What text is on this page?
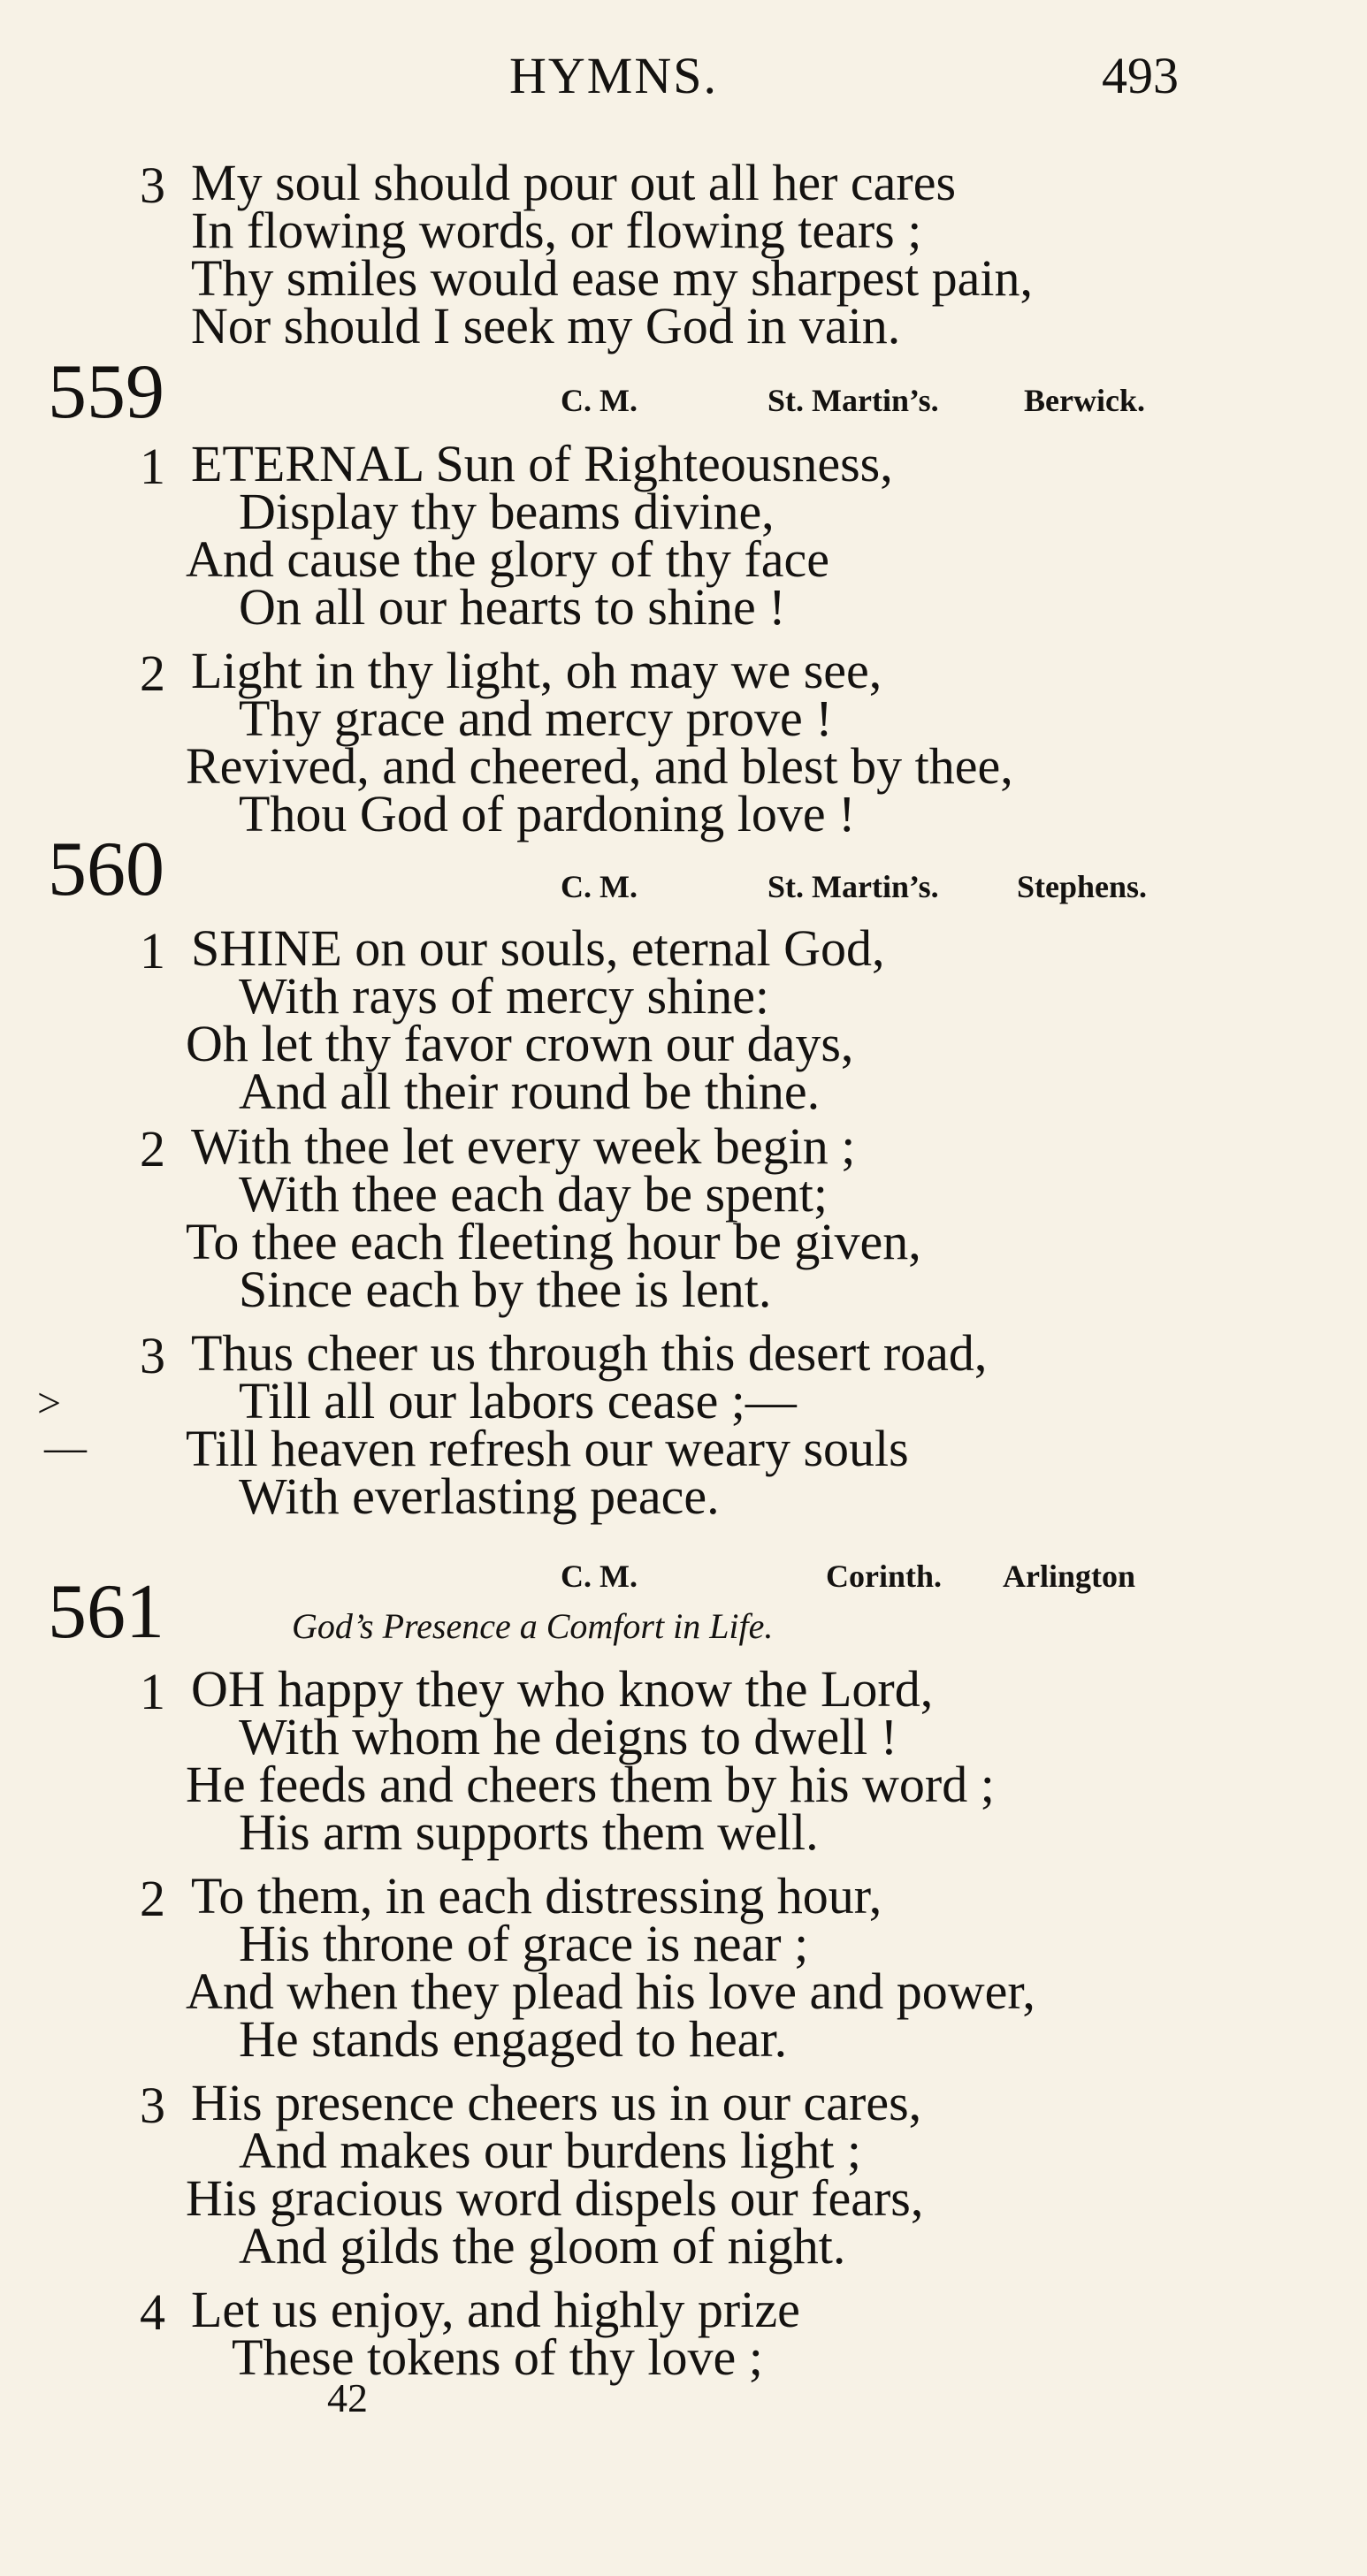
HYMNS.	493
3 My soul should pour out all her cares
In flowing words, or flowing tears ;
Thy smiles would ease my sharpest pain,
Nor should I seek my God in vain.
559	C. M.	St. Martin’s.	Berwick.
1 ETERNAL Sun of Righteousness,
Display thy beams divine,
And cause the glory of thy face
On all our hearts to shine !
2 Light in thy light, oh may we see,
Thy grace and mercy prove !
Revived, and cheered, and blest by thee,
Thou God of pardoning love !
560	C. M.	St. Martin’s. Stephens.
1 SHINE on our souls, eternal God,
With rays of mercy shine:
Oh let thy favor crown our days,
And all their round be thine.
2 With thee let every week begin ;
With thee each day be spent;
To thee each fleeting hour be given,
Since each by thee is lent.
3 Thus cheer us through this desert road,
>	Till all our labors cease ;—
— Till heaven refresh our weary souls
With everlasting peace.
C. M.	Corinth. Arlington
561	God’s Presence a Comfort in Life.
1 OH happy they who know the Lord,
With whom he deigns to dwell !
He feeds and cheers them by his word ;
His arm supports them well.
2 To them, in each distressing hour,
His throne of grace is near ;
And when they plead his love and power,
He stands engaged to hear.
3 His presence cheers us in our cares,
And makes our burdens light ;
His gracious word dispels our fears,
And gilds the gloom of night.
4 Let us enjoy, and highly prize
These tokens of thy love ;
42
